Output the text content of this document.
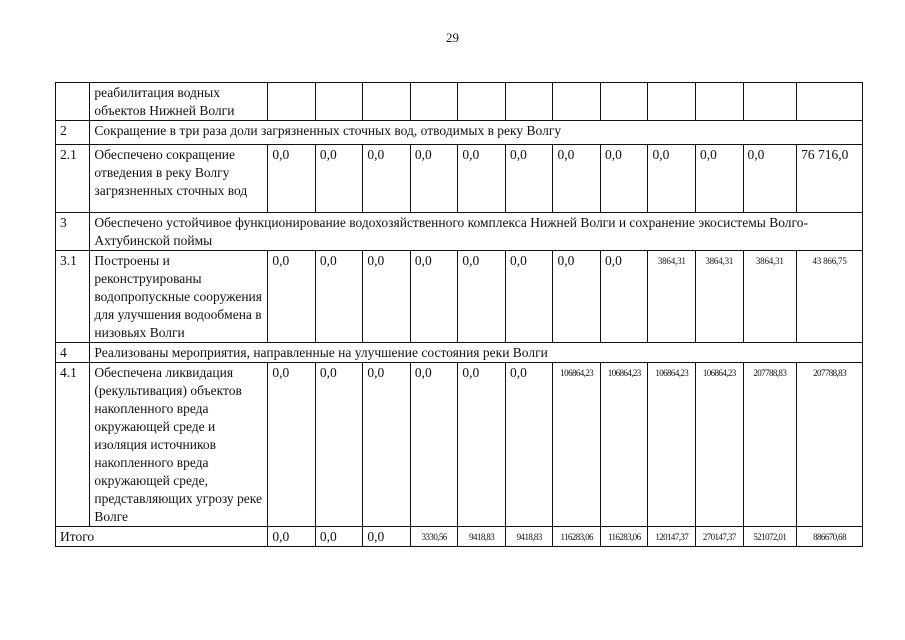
29
	реабилитация водных объектов Нижней Волги												
2	Сокращение в три раза доли загрязненных сточных вод, отводимых в реку Волгу												
2.1	Обеспечено сокращение отведения в реку Волгу загрязненных сточных вод	0,0	0,0	0,0	0,0	0,0	0,0	0,0	0,0	0,0	0,0	0,0	76 716,0
3	Обеспечено устойчивое функционирование водохозяйственного комплекса Нижней Волги и сохранение экосистемы Волго-Ахтубинской поймы												
3.1	Построены и реконструированы водопропускные сооружения для улучшения водообмена в низовьях Волги	0,0	0,0	0,0	0,0	0,0	0,0	0,0	0,0	3864,31	3864,31	3864,31	43 866,75
4	Реализованы мероприятия, направленные на улучшение состояния реки Волги												
4.1	Обеспечена ликвидация (рекультивация) объектов накопленного вреда окружающей среде и изоляция источников накопленного вреда окружающей среде, представляющих угрозу реке Волге	0,0	0,0	0,0	0,0	0,0	0,0	106864,23	106864,23	106864,23	106864,23	207788,83	207788,83
Итого		0,0	0,0	0,0	3330,56	9418,83	9418,83	116283,06	116283,06	120147,37	270147,37	521072,01	886670,68
